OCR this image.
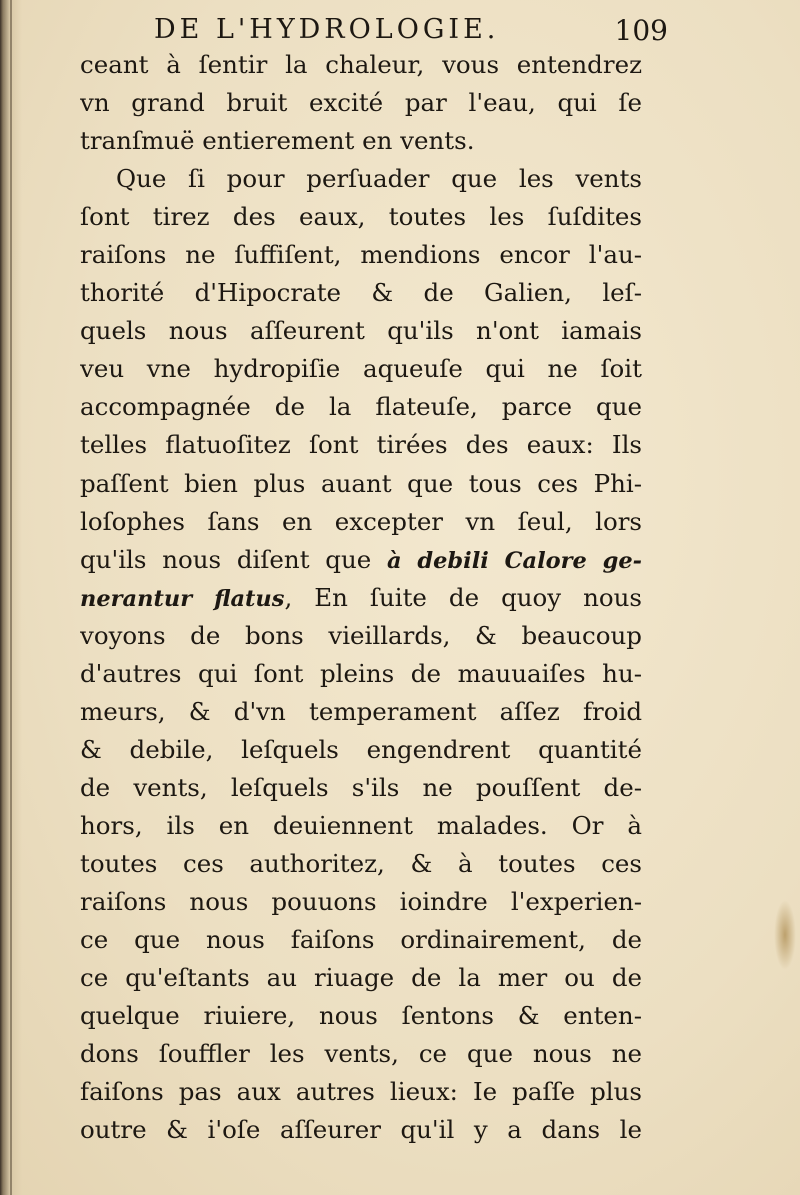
DE L'HYDROLOGIE.	109
ceant à ſentir la chaleur, vous entendrez
vn grand bruit excité par l'eau, qui ſe
tranſmuë entierement en vents.
Que ſi pour perſuader que les vents
ſont tirez des eaux, toutes les ſuſdites
raiſons ne ſuffiſent, mendions encor l'au-
thorité d'Hipocrate & de Galien, leſ-
quels nous aſſeurent qu'ils n'ont iamais
veu vne hydropiſie aqueuſe qui ne ſoit
accompagnée de la flateuſe, parce que
telles flatuoſitez ſont tirées des eaux: Ils
paſſent bien plus auant que tous ces Phi-
loſophes ſans en excepter vn ſeul, lors
qu'ils nous diſent que à debili Calore ge-
nerantur flatus, En ſuite de quoy nous
voyons de bons vieillards, & beaucoup
d'autres qui ſont pleins de mauuaiſes hu-
meurs, & d'vn temperament aſſez froid
& debile, leſquels engendrent quantité
de vents, leſquels s'ils ne pouſſent de-
hors, ils en deuiennent malades. Or à
toutes ces authoritez, & à toutes ces
raiſons nous pouuons ioindre l'experien-
ce que nous faiſons ordinairement, de
ce qu'eſtants au riuage de la mer ou de
quelque riuiere, nous ſentons & enten-
dons ſouffler les vents, ce que nous ne
faiſons pas aux autres lieux: Ie paſſe plus
outre & i'oſe aſſeurer qu'il y a dans le
